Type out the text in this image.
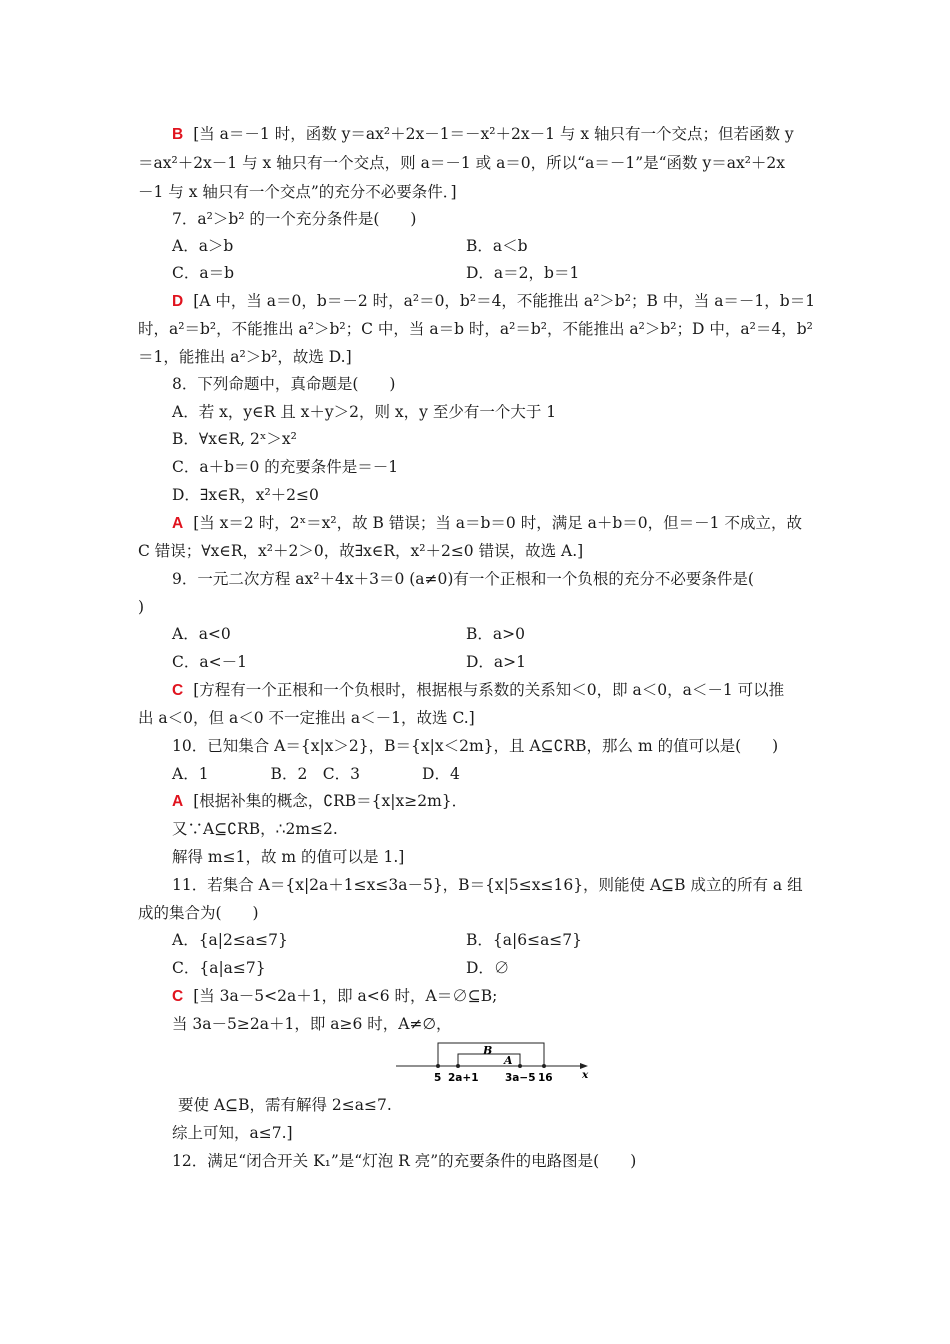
B [当 a＝－1 时，函数 y＝ax²＋2x－1＝－x²＋2x－1 与 x 轴只有一个交点；但若函数 y
＝ax²＋2x－1 与 x 轴只有一个交点，则 a＝－1 或 a＝0，所以“a＝－1”是“函数 y＝ax²＋2x
－1 与 x 轴只有一个交点”的充分不必要条件．]
7．a²＞b² 的一个充分条件是(　　)
A．a＞b	B．a＜b
C．a＝b	D．a＝2，b＝1
D [A 中，当 a＝0，b＝－2 时，a²＝0，b²＝4，不能推出 a²＞b²；B 中，当 a＝－1，b＝1
时，a²＝b²，不能推出 a²＞b²；C 中，当 a＝b 时，a²＝b²，不能推出 a²＞b²；D 中，a²＝4，b²
＝1，能推出 a²＞b²，故选 D.]
8．下列命题中，真命题是(　　)
A．若 x，y∈R 且 x＋y＞2，则 x，y 至少有一个大于 1
B．∀x∈R, 2ˣ＞x²
C．a＋b＝0 的充要条件是＝－1
D．∃x∈R，x²＋2≤0
A [当 x＝2 时，2ˣ＝x²，故 B 错误；当 a＝b＝0 时，满足 a＋b＝0，但＝－1 不成立，故
C 错误；∀x∈R，x²＋2＞0，故∃x∈R，x²＋2≤0 错误，故选 A.]
9．一元二次方程 ax²＋4x＋3＝0 (a≠0)有一个正根和一个负根的充分不必要条件是(
)
A．a<0	B．a>0
C．a<－1	D．a>1
C [方程有一个正根和一个负根时，根据根与系数的关系知＜0，即 a＜0，a＜－1 可以推
出 a＜0，但 a＜0 不一定推出 a＜－1，故选 C.]
10．已知集合 A＝{x|x＞2}，B＝{x|x＜2m}，且 A⊆∁RB，那么 m 的值可以是(　　)
A．1　　　　B．2　C．3　　　　D．4
A [根据补集的概念，∁RB＝{x|x≥2m}．
又∵A⊆∁RB，∴2m≤2.
解得 m≤1，故 m 的值可以是 1.]
11．若集合 A＝{x|2a＋1≤x≤3a－5}，B＝{x|5≤x≤16}，则能使 A⊆B 成立的所有 a 组
成的集合为(　　)
A．{a|2≤a≤7}	B．{a|6≤a≤7}
C．{a|a≤7}	D．∅
C [当 3a－5<2a＋1，即 a<6 时，A＝∅⊆B;
当 3a－5≥2a＋1，即 a≥6 时，A≠∅，
B
A
5 2a+1	3a−5 16	x
要使 A⊆B，需有解得 2≤a≤7.
综上可知，a≤7.]
12．满足“闭合开关 K₁”是“灯泡 R 亮”的充要条件的电路图是(　　)
